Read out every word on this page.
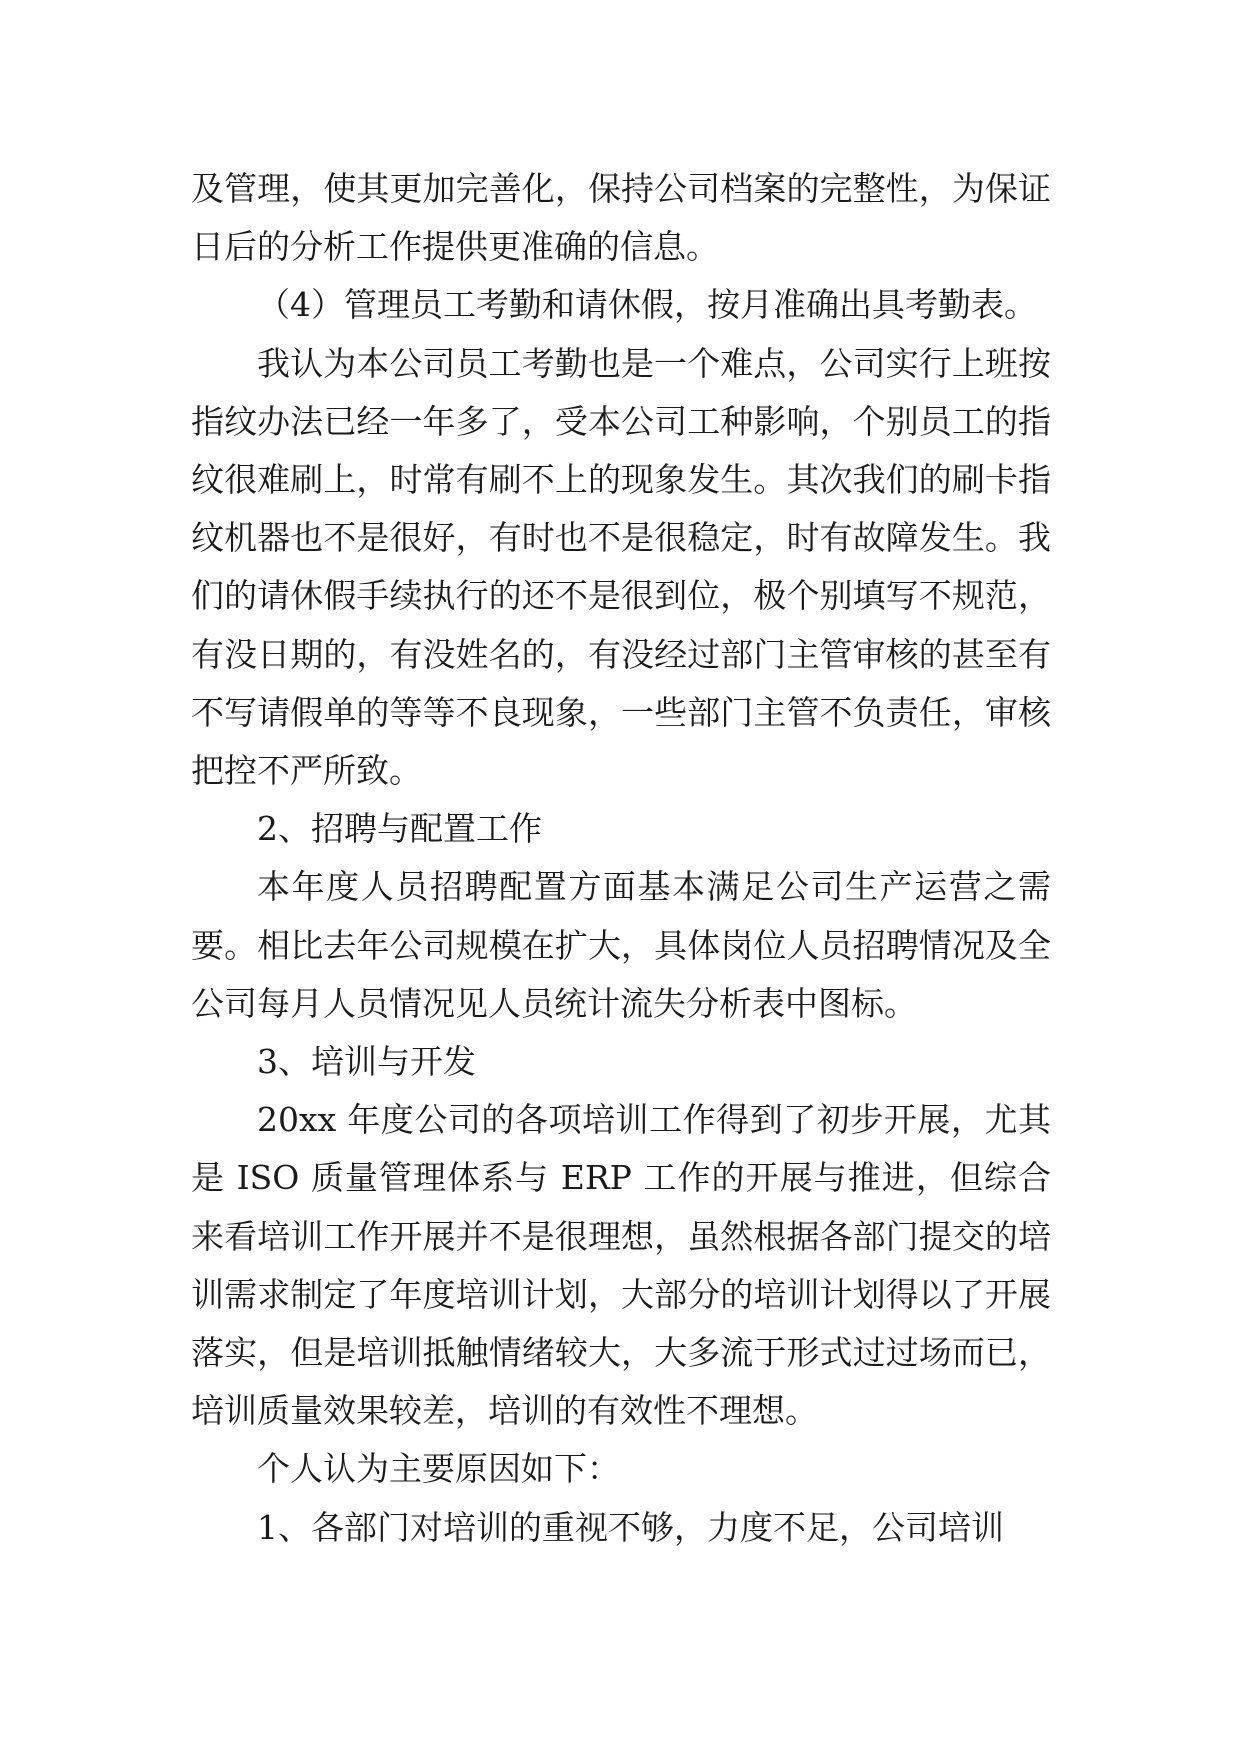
及管理，使其更加完善化，保持公司档案的完整性，为保证日后的分析工作提供更准确的信息。

（4）管理员工考勤和请休假，按月准确出具考勤表。

我认为本公司员工考勤也是一个难点，公司实行上班按指纹办法已经一年多了，受本公司工种影响，个别员工的指纹很难刷上，时常有刷不上的现象发生。其次我们的刷卡指纹机器也不是很好，有时也不是很稳定，时有故障发生。我们的请休假手续执行的还不是很到位，极个别填写不规范，有没日期的，有没姓名的，有没经过部门主管审核的甚至有不写请假单的等等不良现象，一些部门主管不负责任，审核把控不严所致。

2、招聘与配置工作

本年度人员招聘配置方面基本满足公司生产运营之需要。相比去年公司规模在扩大，具体岗位人员招聘情况及全公司每月人员情况见人员统计流失分析表中图标。

3、培训与开发

20xx 年度公司的各项培训工作得到了初步开展，尤其是 ISO 质量管理体系与 ERP 工作的开展与推进，但综合来看培训工作开展并不是很理想，虽然根据各部门提交的培训需求制定了年度培训计划，大部分的培训计划得以了开展落实，但是培训抵触情绪较大，大多流于形式过过场而已，培训质量效果较差，培训的有效性不理想。

个人认为主要原因如下：

1、各部门对培训的重视不够，力度不足，公司培训
